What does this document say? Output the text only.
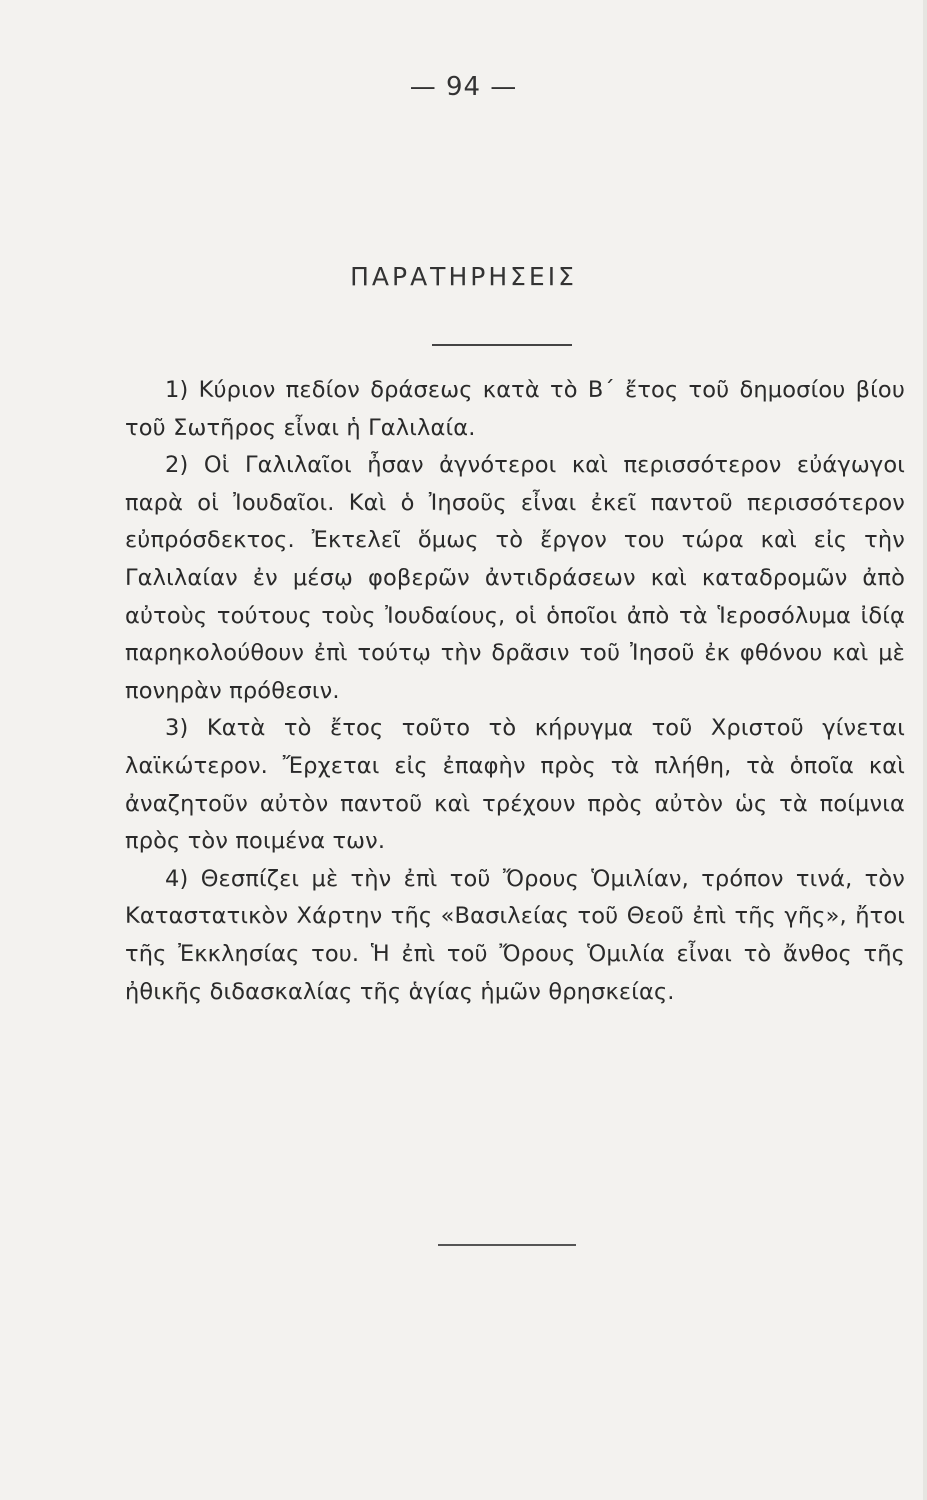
— 94 —
ΠΑΡΑΤΗΡΗΣΕΙΣ

1) Κύριον πεδίον δράσεως κατὰ τὸ Β΄ ἔτος τοῦ δημοσίου βίου τοῦ Σωτῆρος εἶναι ἡ Γαλιλαία.

2) Οἱ Γαλιλαῖοι ἦσαν ἀγνότεροι καὶ περισσότερον εὐάγωγοι παρὰ οἱ Ἰουδαῖοι. Καὶ ὁ Ἰησοῦς εἶναι ἐκεῖ παντοῦ περισσότερον εὐπρόσδεκτος. Ἐκτελεῖ ὅμως τὸ ἔργον του τώρα καὶ εἰς τὴν Γαλιλαίαν ἐν μέσῳ φοβερῶν ἀντιδράσεων καὶ καταδρομῶν ἀπὸ αὐτοὺς τούτους τοὺς Ἰουδαίους, οἱ ὁποῖοι ἀπὸ τὰ Ἱεροσόλυμα ἰδίᾳ παρηκολούθουν ἐπὶ τούτῳ τὴν δρᾶσιν τοῦ Ἰησοῦ ἐκ φθόνου καὶ μὲ πονηρὰν πρόθεσιν.

3) Κατὰ τὸ ἔτος τοῦτο τὸ κήρυγμα τοῦ Χριστοῦ γίνεται λαϊκώτερον. Ἔρχεται εἰς ἐπαφὴν πρὸς τὰ πλήθη, τὰ ὁποῖα καὶ ἀναζητοῦν αὐτὸν παντοῦ καὶ τρέχουν πρὸς αὐτὸν ὡς τὰ ποίμνια πρὸς τὸν ποιμένα των.

4) Θεσπίζει μὲ τὴν ἐπὶ τοῦ Ὄρους Ὁμιλίαν, τρόπον τινά, τὸν Καταστατικὸν Χάρτην τῆς «Βασιλείας τοῦ Θεοῦ ἐπὶ τῆς γῆς», ἤτοι τῆς Ἐκκλησίας του. Ἡ ἐπὶ τοῦ Ὄρους Ὁμιλία εἶναι τὸ ἄνθος τῆς ἠθικῆς διδασκαλίας τῆς ἁγίας ἡμῶν θρησκείας.
